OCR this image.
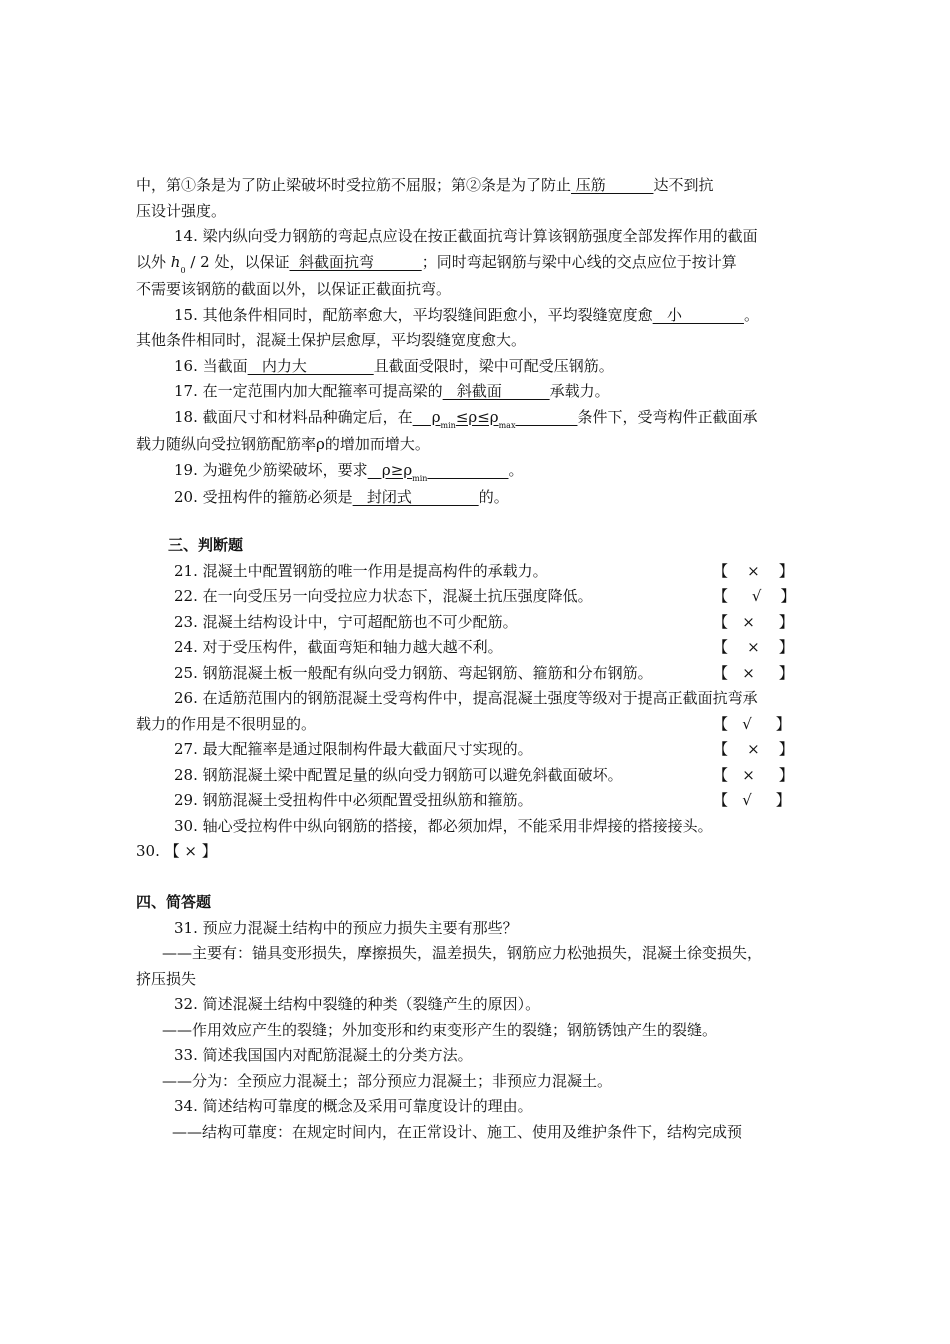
中，第①条是为了防止梁破坏时受拉筋不屈服；第②条是为了防止 压筋          达不到抗

压设计强度。

14. 梁内纵向受力钢筋的弯起点应设在按正截面抗弯计算该钢筋强度全部发挥作用的截面

以外 $h_0 / 2$ 处，以保证  斜截面抗弯          ；同时弯起钢筋与梁中心线的交点应位于按计算

不需要该钢筋的截面以外，以保证正截面抗弯。

15. 其他条件相同时，配筋率愈大，平均裂缝间距愈小，平均裂缝宽度愈   小             。

其他条件相同时，混凝土保护层愈厚，平均裂缝宽度愈大。

16. 当截面   内力大              且截面受限时，梁中可配受压钢筋。

17. 在一定范围内加大配箍率可提高梁的   斜截面          承载力。

18. 截面尺寸和材料品种确定后，在    $\rho_{min}\le\rho\le\rho_{max}$	条件下，受弯构件正截面承

载力随纵向受拉钢筋配筋率ρ的增加而增大。

19. 为避免少筋梁破坏，要求   $\rho\ge\rho_{min}$	。

20. 受扭构件的箍筋必须是   封闭式              的。

三、判断题

21. 混凝土中配置钢筋的唯一作用是提高构件的承载力。	【    ×    】

22. 在一向受压另一向受拉应力状态下，混凝土抗压强度降低。	【     √    】

23. 混凝土结构设计中，宁可超配筋也不可少配筋。	【   ×     】

24. 对于受压构件，截面弯矩和轴力越大越不利。	【    ×    】

25. 钢筋混凝土板一般配有纵向受力钢筋、弯起钢筋、箍筋和分布钢筋。	【   ×     】

26. 在适筋范围内的钢筋混凝土受弯构件中，提高混凝土强度等级对于提高正截面抗弯承

载力的作用是不很明显的。	【   √     】

27. 最大配箍率是通过限制构件最大截面尺寸实现的。	【    ×    】

28. 钢筋混凝土梁中配置足量的纵向受力钢筋可以避免斜截面破坏。	【   ×     】

29. 钢筋混凝土受扭构件中必须配置受扭纵筋和箍筋。	【   √     】

30. 轴心受拉构件中纵向钢筋的搭接，都必须加焊，不能采用非焊接的搭接接头。

30. 【 × 】

四、简答题

31. 预应力混凝土结构中的预应力损失主要有那些？

——主要有：锚具变形损失，摩擦损失，温差损失，钢筋应力松弛损失，混凝土徐变损失，

挤压损失

32. 简述混凝土结构中裂缝的种类（裂缝产生的原因）。

——作用效应产生的裂缝；外加变形和约束变形产生的裂缝；钢筋锈蚀产生的裂缝。

33. 简述我国国内对配筋混凝土的分类方法。

——分为：全预应力混凝土；部分预应力混凝土；非预应力混凝土。

34. 简述结构可靠度的概念及采用可靠度设计的理由。

——结构可靠度：在规定时间内，在正常设计、施工、使用及维护条件下，结构完成预
